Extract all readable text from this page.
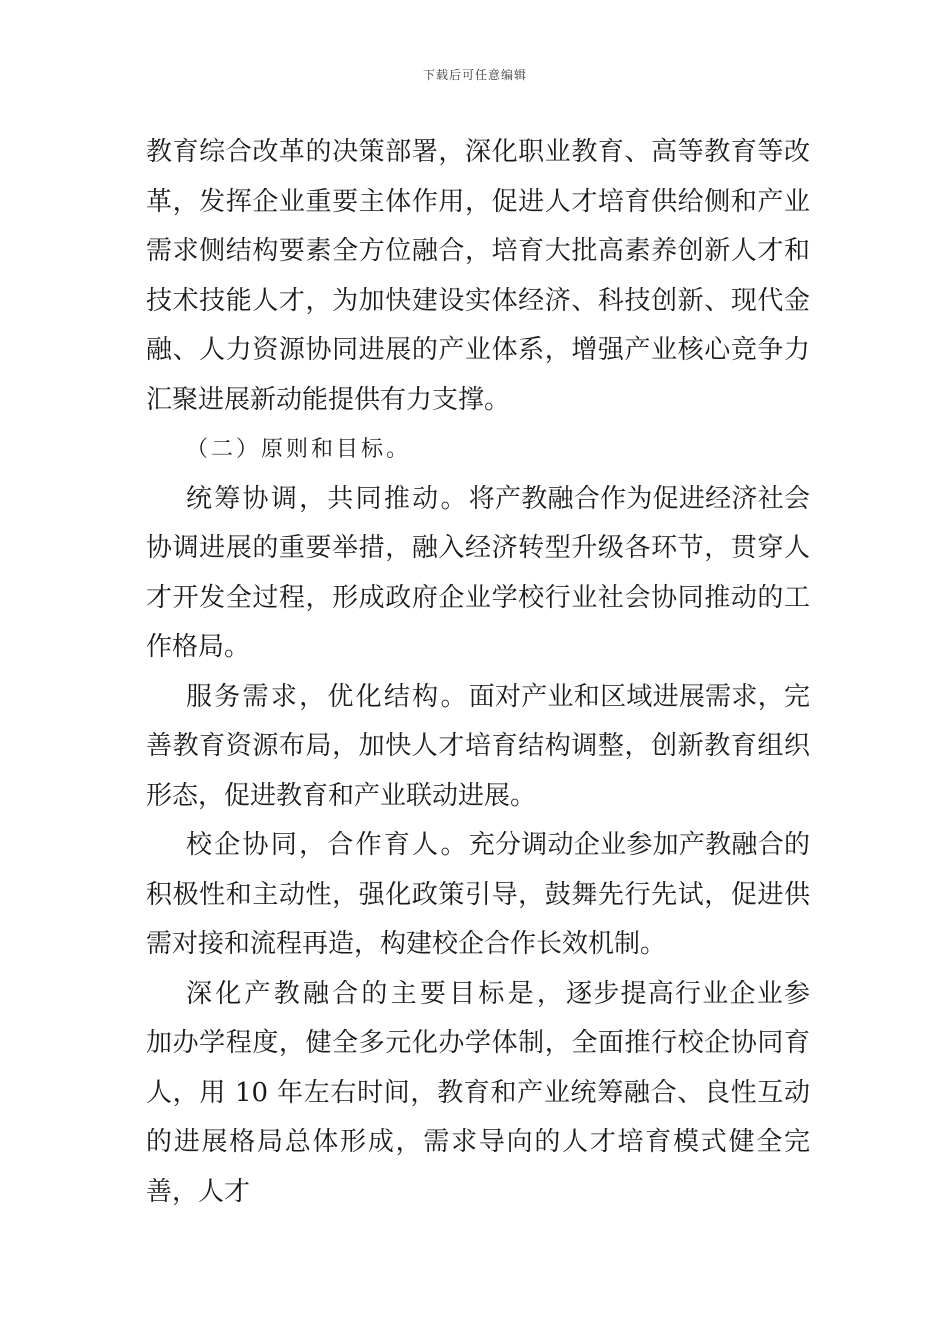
下载后可任意编辑

教育综合改革的决策部署，深化职业教育、高等教育等改革，发挥企业重要主体作用，促进人才培育供给侧和产业需求侧结构要素全方位融合，培育大批高素养创新人才和技术技能人才，为加快建设实体经济、科技创新、现代金融、人力资源协同进展的产业体系，增强产业核心竞争力汇聚进展新动能提供有力支撑。

（二）原则和目标。

统筹协调，共同推动。将产教融合作为促进经济社会协调进展的重要举措，融入经济转型升级各环节，贯穿人才开发全过程，形成政府企业学校行业社会协同推动的工作格局。

服务需求，优化结构。面对产业和区域进展需求，完善教育资源布局，加快人才培育结构调整，创新教育组织形态，促进教育和产业联动进展。

校企协同，合作育人。充分调动企业参加产教融合的积极性和主动性，强化政策引导，鼓舞先行先试，促进供需对接和流程再造，构建校企合作长效机制。

深化产教融合的主要目标是，逐步提高行业企业参加办学程度，健全多元化办学体制，全面推行校企协同育人，用 10 年左右时间，教育和产业统筹融合、良性互动的进展格局总体形成，需求导向的人才培育模式健全完善，人才
